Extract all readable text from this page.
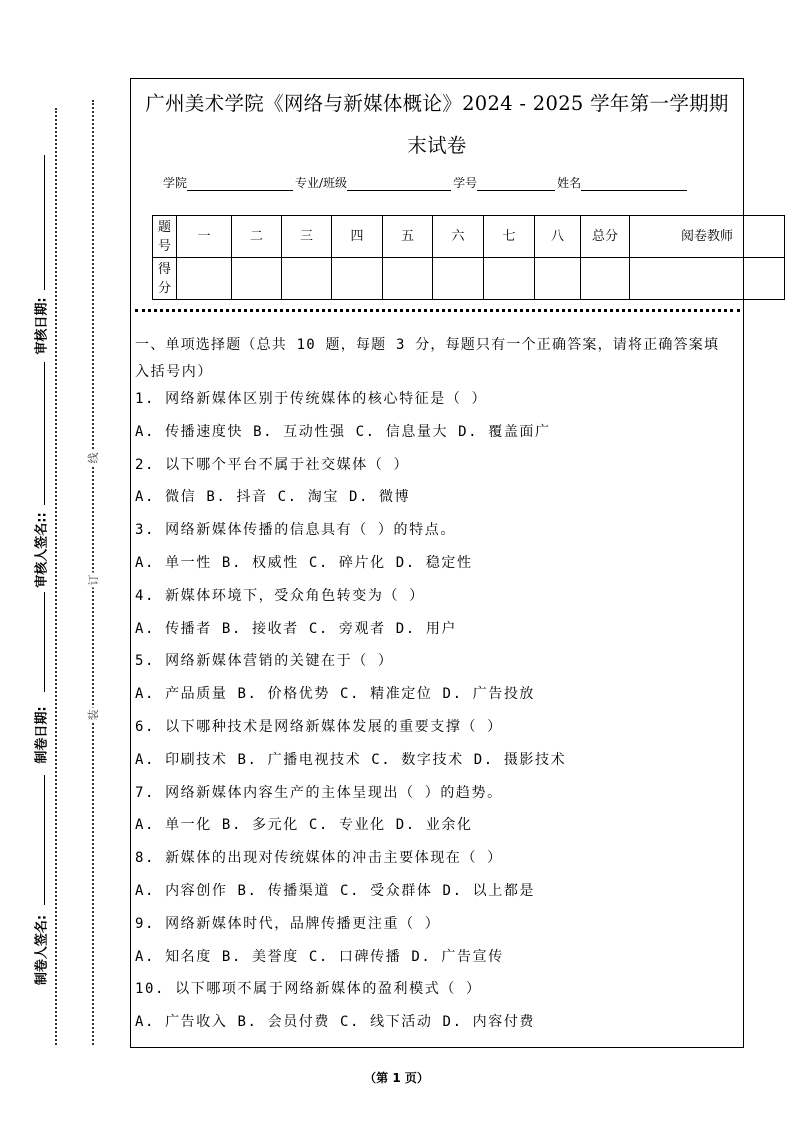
审核日期:
审核人签名::
制卷日期:
制卷人签名:
线
订
装
广州美术学院《网络与新媒体概论》2024 - 2025 学年第一学期期
末试卷
学院	专业/班级	学号	姓名
题号	一	二	三	四	五	六	七	八	总分	阅卷教师
得分										
一、单项选择题（总共 10 题，每题 3 分，每题只有一个正确答案，请将正确答案填
入括号内）
1. 网络新媒体区别于传统媒体的核心特征是（ ）
A. 传播速度快 B. 互动性强 C. 信息量大 D. 覆盖面广
2. 以下哪个平台不属于社交媒体（ ）
A. 微信 B. 抖音 C. 淘宝 D. 微博
3. 网络新媒体传播的信息具有（ ）的特点。
A. 单一性 B. 权威性 C. 碎片化 D. 稳定性
4. 新媒体环境下，受众角色转变为（ ）
A. 传播者 B. 接收者 C. 旁观者 D. 用户
5. 网络新媒体营销的关键在于（ ）
A. 产品质量 B. 价格优势 C. 精准定位 D. 广告投放
6. 以下哪种技术是网络新媒体发展的重要支撑（ ）
A. 印刷技术 B. 广播电视技术 C. 数字技术 D. 摄影技术
7. 网络新媒体内容生产的主体呈现出（ ）的趋势。
A. 单一化 B. 多元化 C. 专业化 D. 业余化
8. 新媒体的出现对传统媒体的冲击主要体现在（ ）
A. 内容创作 B. 传播渠道 C. 受众群体 D. 以上都是
9. 网络新媒体时代，品牌传播更注重（ ）
A. 知名度 B. 美誉度 C. 口碑传播 D. 广告宣传
10. 以下哪项不属于网络新媒体的盈利模式（ ）
A. 广告收入 B. 会员付费 C. 线下活动 D. 内容付费
（第 1 页）
